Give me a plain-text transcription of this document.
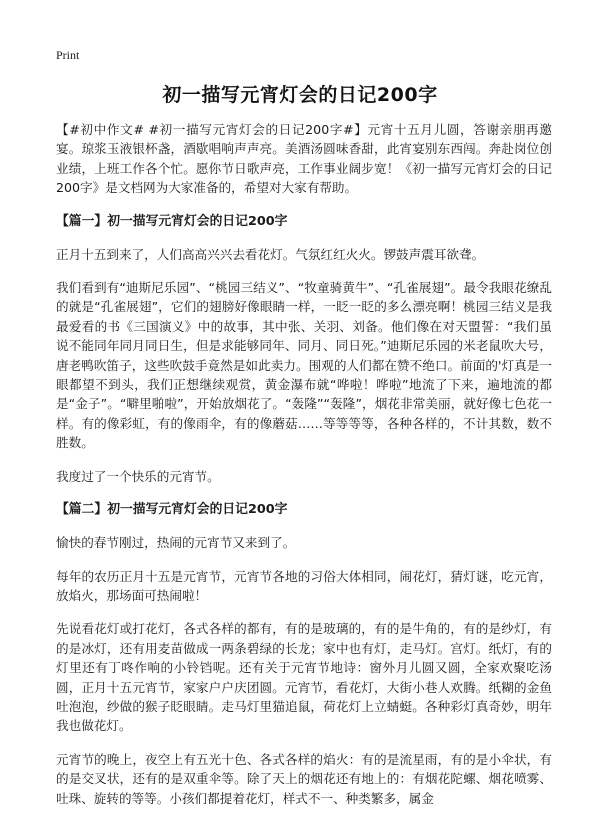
Print
初一描写元宵灯会的日记200字

【#初中作文# #初一描写元宵灯会的日记200字#】元宵十五月儿圆，答谢亲朋再邀宴。琼浆玉液银杯盏，酒歇唱响声声亮。美酒汤圆味香甜，此宵宴别东西闯。奔赴岗位创业绩，上班工作各个忙。愿你节日歌声亮，工作事业阔步宽！《初一描写元宵灯会的日记200字》是文档网为大家准备的，希望对大家有帮助。

【篇一】初一描写元宵灯会的日记200字

正月十五到来了，人们高高兴兴去看花灯。气氛红红火火。锣鼓声震耳欲聋。

我们看到有“迪斯尼乐园”、“桃园三结义”、“牧童骑黄牛”、“孔雀展翅”。最令我眼花缭乱的就是“孔雀展翅”，它们的翅膀好像眼睛一样，一眨一眨的多么漂亮啊！桃园三结义是我最爱看的书《三国演义》中的故事，其中张、关羽、刘备。他们像在对天盟誓：“我们虽说不能同年同月同日生，但是求能够同年、同月、同日死。”迪斯尼乐园的米老鼠吹大号，唐老鸭吹笛子，这些吹鼓手竟然是如此卖力。围观的人们都在赞不绝口。前面的'灯真是一眼都望不到头，我们正想继续观赏，黄金瀑布就“哗啦！哗啦”地流了下来，遍地流的都是“金子”。“噼里啪啦”，开始放烟花了。“轰隆”“轰隆”，烟花非常美丽，就好像七色花一样。有的像彩虹，有的像雨伞，有的像蘑菇……等等等等，各种各样的，不计其数，数不胜数。

我度过了一个快乐的元宵节。

【篇二】初一描写元宵灯会的日记200字

愉快的春节刚过，热闹的元宵节又来到了。

每年的农历正月十五是元宵节，元宵节各地的习俗大体相同，闹花灯，猜灯谜，吃元宵，放焰火，那场面可热闹啦！

先说看花灯或打花灯，各式各样的都有，有的是玻璃的，有的是牛角的，有的是纱灯，有的是冰灯，还有用麦苗做成一两条碧绿的长龙；家中也有灯，走马灯。宫灯。纸灯，有的灯里还有丁咚作响的小铃铛呢。还有关于元宵节地诗：窗外月儿圆又圆，全家欢聚吃汤圆，正月十五元宵节，家家户户庆团圆。元宵节，看花灯，大街小巷人欢腾。纸糊的金鱼吐泡泡，纱做的猴子眨眼睛。走马灯里猫追鼠，荷花灯上立蜻蜓。各种彩灯真奇妙，明年我也做花灯。

元宵节的晚上，夜空上有五光十色、各式各样的焰火：有的是流星雨，有的是小伞状，有的是交叉状，还有的是双重伞等。除了天上的烟花还有地上的：有烟花陀螺、烟花喷雾、吐珠、旋转的等等。小孩们都提着花灯，样式不一、种类繁多，属金
